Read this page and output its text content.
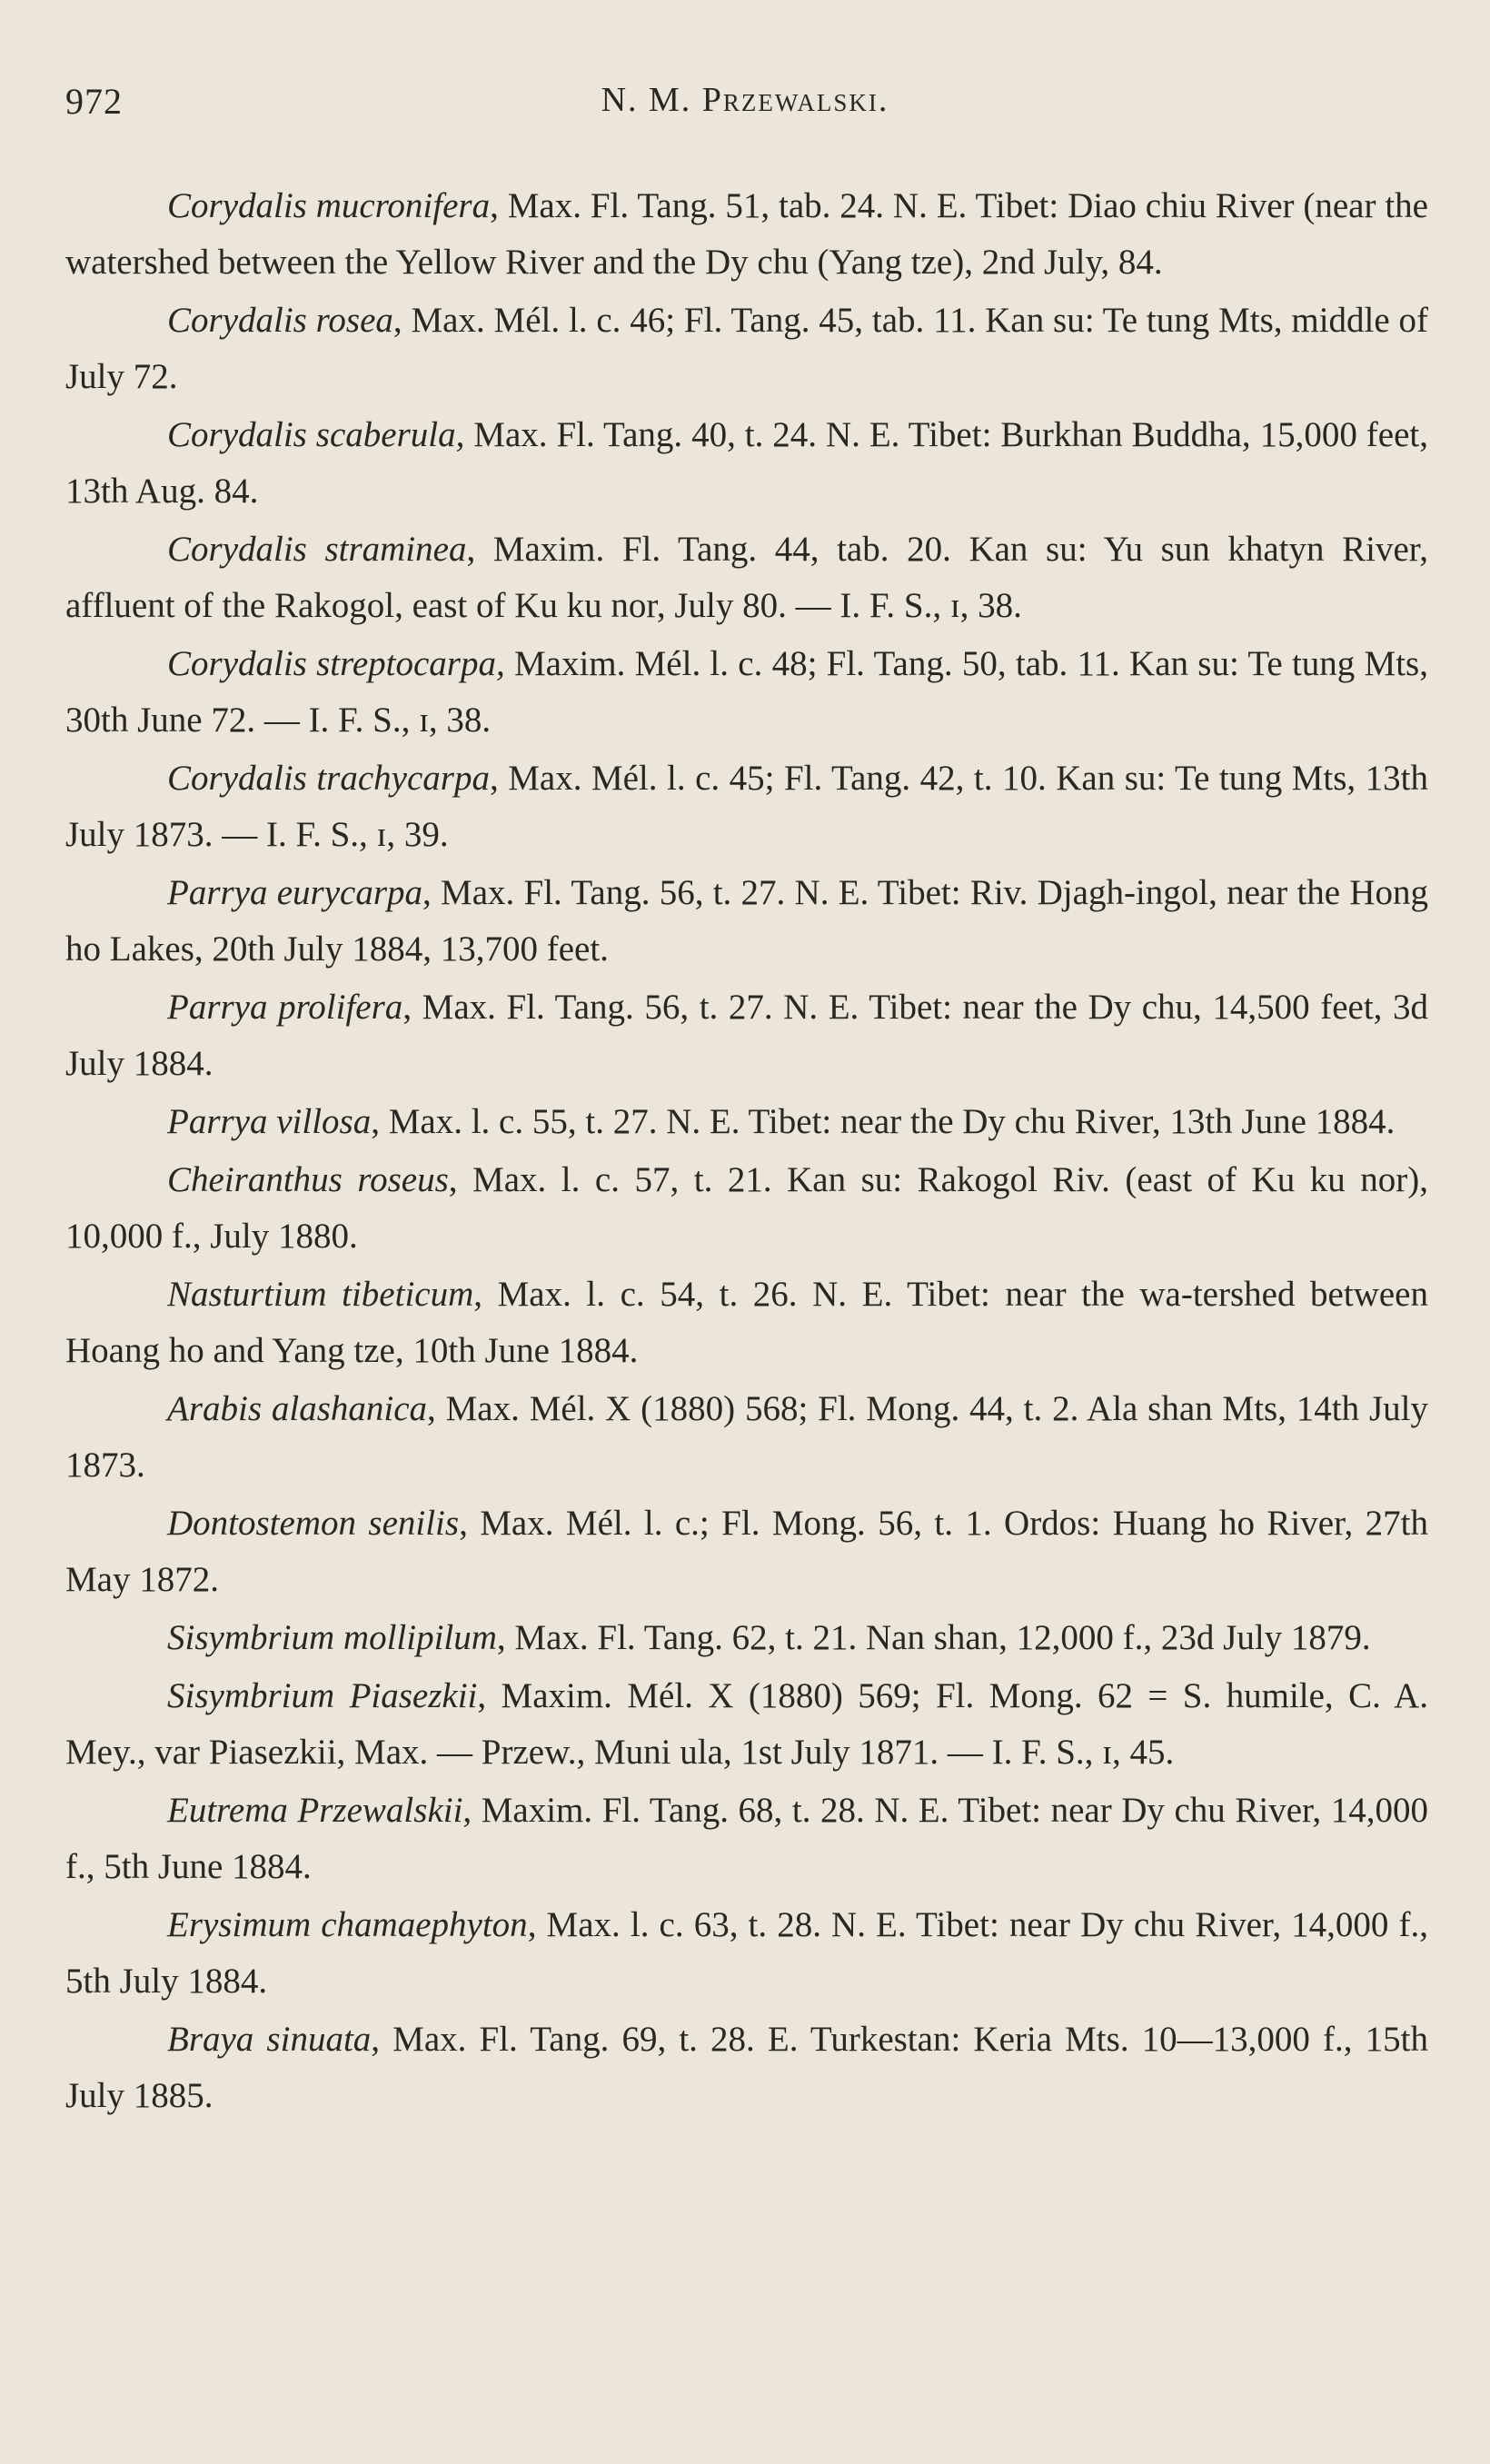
972	N. M. Przewalski.

Corydalis mucronifera, Max. Fl. Tang. 51, tab. 24. N. E. Tibet: Diao chiu River (near the watershed between the Yellow River and the Dy chu (Yang tze), 2nd July, 84.

Corydalis rosea, Max. Mél. l. c. 46; Fl. Tang. 45, tab. 11. Kan su: Te tung Mts, middle of July 72.

Corydalis scaberula, Max. Fl. Tang. 40, t. 24. N. E. Tibet: Burkhan Buddha, 15,000 feet, 13th Aug. 84.

Corydalis straminea, Maxim. Fl. Tang. 44, tab. 20. Kan su: Yu sun khatyn River, affluent of the Rakogol, east of Ku ku nor, July 80. — I. F. S., ɪ, 38.

Corydalis streptocarpa, Maxim. Mél. l. c. 48; Fl. Tang. 50, tab. 11. Kan su: Te tung Mts, 30th June 72. — I. F. S., ɪ, 38.

Corydalis trachycarpa, Max. Mél. l. c. 45; Fl. Tang. 42, t. 10. Kan su: Te tung Mts, 13th July 1873. — I. F. S., ɪ, 39.

Parrya eurycarpa, Max. Fl. Tang. 56, t. 27. N. E. Tibet: Riv. Djagh-ingol, near the Hong ho Lakes, 20th July 1884, 13,700 feet.

Parrya prolifera, Max. Fl. Tang. 56, t. 27. N. E. Tibet: near the Dy chu, 14,500 feet, 3d July 1884.

Parrya villosa, Max. l. c. 55, t. 27. N. E. Tibet: near the Dy chu River, 13th June 1884.

Cheiranthus roseus, Max. l. c. 57, t. 21. Kan su: Rakogol Riv. (east of Ku ku nor), 10,000 f., July 1880.

Nasturtium tibeticum, Max. l. c. 54, t. 26. N. E. Tibet: near the wa-tershed between Hoang ho and Yang tze, 10th June 1884.

Arabis alashanica, Max. Mél. X (1880) 568; Fl. Mong. 44, t. 2. Ala shan Mts, 14th July 1873.

Dontostemon senilis, Max. Mél. l. c.; Fl. Mong. 56, t. 1. Ordos: Huang ho River, 27th May 1872.

Sisymbrium mollipilum, Max. Fl. Tang. 62, t. 21. Nan shan, 12,000 f., 23d July 1879.

Sisymbrium Piasezkii, Maxim. Mél. X (1880) 569; Fl. Mong. 62 = S. humile, C. A. Mey., var Piasezkii, Max. — Przew., Muni ula, 1st July 1871. — I. F. S., ɪ, 45.

Eutrema Przewalskii, Maxim. Fl. Tang. 68, t. 28. N. E. Tibet: near Dy chu River, 14,000 f., 5th June 1884.

Erysimum chamaephyton, Max. l. c. 63, t. 28. N. E. Tibet: near Dy chu River, 14,000 f., 5th July 1884.

Braya sinuata, Max. Fl. Tang. 69, t. 28. E. Turkestan: Keria Mts. 10—13,000 f., 15th July 1885.
